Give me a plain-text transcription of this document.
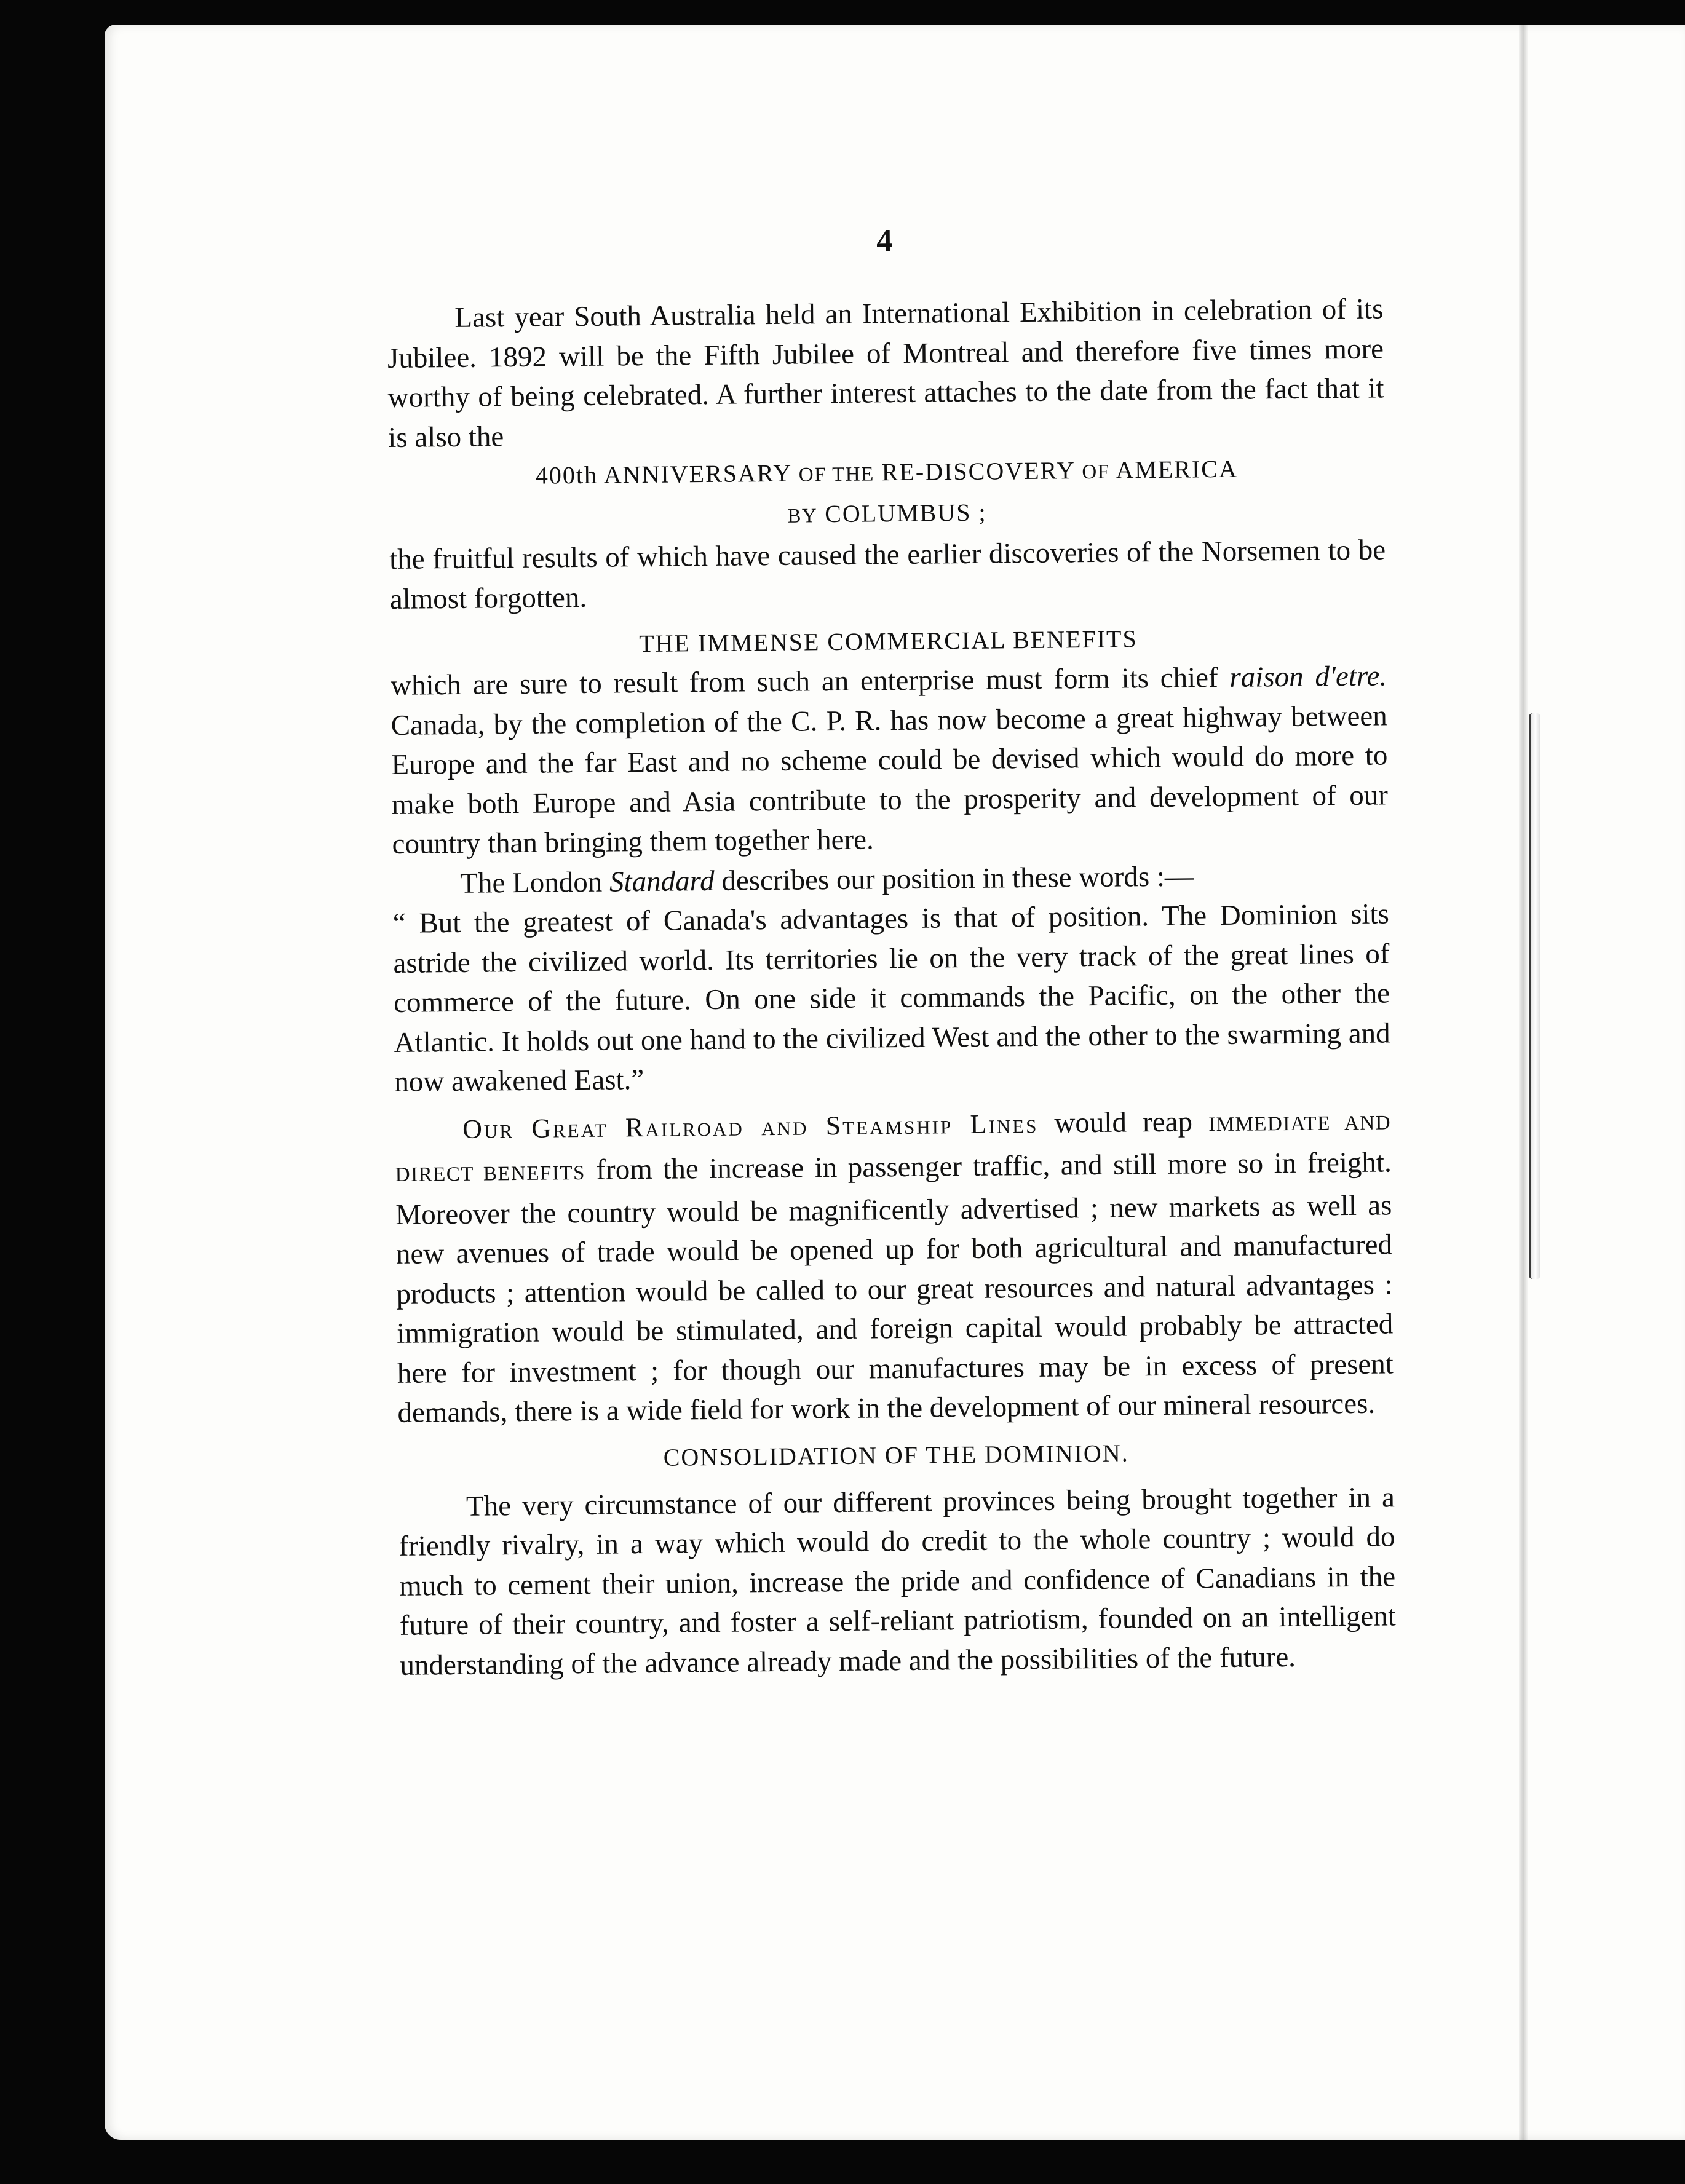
4

Last year South Australia held an International Exhibition in celebration of its Jubilee. 1892 will be the Fifth Jubilee of Montreal and therefore five times more worthy of being celebrated. A further interest attaches to the date from the fact that it is also the

400th ANNIVERSARY OF THE RE-DISCOVERY OF AMERICA
BY COLUMBUS ;

the fruitful results of which have caused the earlier discoveries of the Norsemen to be almost forgotten.

THE IMMENSE COMMERCIAL BENEFITS

which are sure to result from such an enterprise must form its chief raison d'etre. Canada, by the completion of the C. P. R. has now become a great highway between Europe and the far East and no scheme could be devised which would do more to make both Europe and Asia contribute to the prosperity and development of our country than bringing them together here.

The London Standard describes our position in these words :—

“ But the greatest of Canada's advantages is that of position. The Dominion sits astride the civilized world. Its territories lie on the very track of the great lines of commerce of the future. On one side it commands the Pacific, on the other the Atlantic. It holds out one hand to the civilized West and the other to the swarming and now awakened East.”

Our Great Railroad and Steamship Lines would reap IMMEDIATE AND DIRECT BENEFITS from the increase in passenger traffic, and still more so in freight. Moreover the country would be magnificently advertised ; new markets as well as new avenues of trade would be opened up for both agricultural and manufactured products ; attention would be called to our great resources and natural advantages : immigration would be stimulated, and foreign capital would probably be attracted here for investment ; for though our manufactures may be in excess of present demands, there is a wide field for work in the development of our mineral resources.

CONSOLIDATION OF THE DOMINION.

The very circumstance of our different provinces being brought together in a friendly rivalry, in a way which would do credit to the whole country ; would do much to cement their union, increase the pride and confidence of Canadians in the future of their country, and foster a self-reliant patriotism, founded on an intelligent understanding of the advance already made and the possibilities of the future.
